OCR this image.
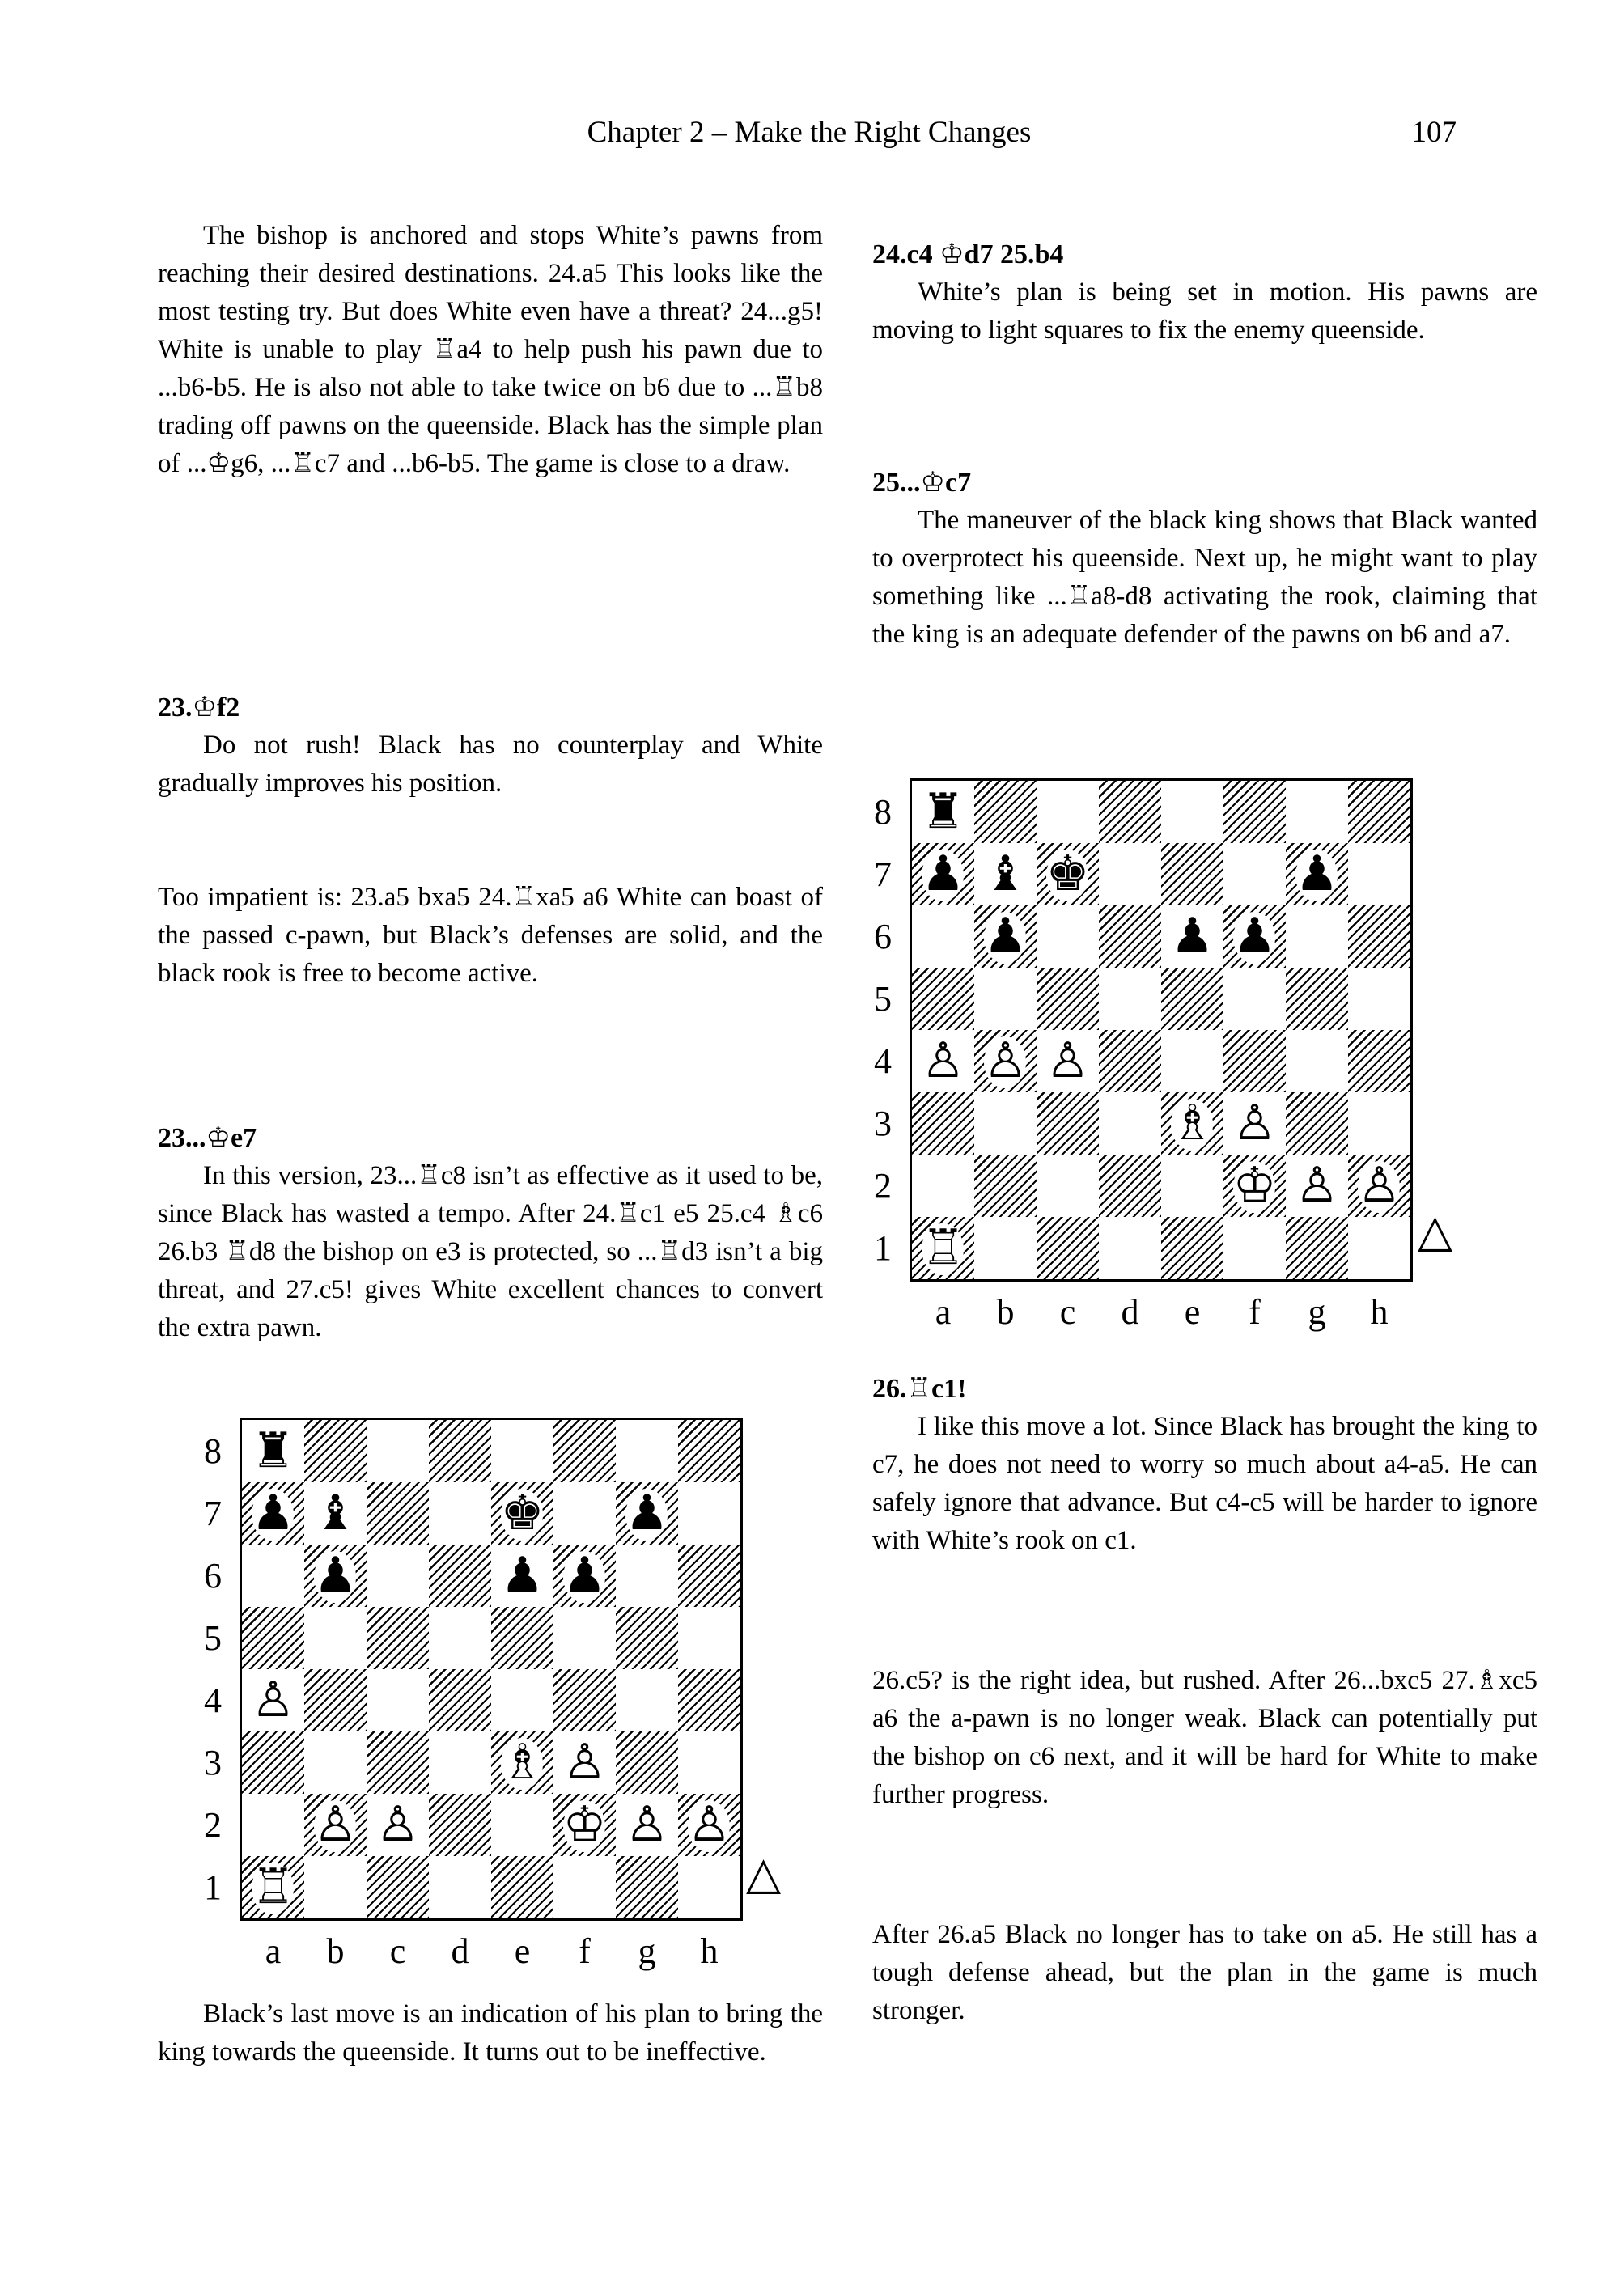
Chapter 2 – Make the Right Changes	107

The bishop is anchored and stops White’s pawns from reaching their desired destinations. 24.a5 This looks like the most testing try. But does White even have a threat? 24...g5! White is unable to play ♖a4 to help push his pawn due to ...b6-b5. He is also not able to take twice on b6 due to ...♖b8 trading off pawns on the queenside. Black has the simple plan of ...♔g6, ...♖c7 and ...b6-b5. The game is close to a draw.

23.♔f2

Do not rush! Black has no counterplay and White gradually improves his position.

Too impatient is: 23.a5 bxa5 24.♖xa5 a6 White can boast of the passed c-pawn, but Black’s defenses are solid, and the black rook is free to become active.

23...♔e7

In this version, 23...♖c8 isn’t as effective as it used to be, since Black has wasted a tempo. After 24.♖c1 e5 25.c4 ♗c6 26.b3 ♖d8 the bishop on e3 is protected, so ...♖d3 isn’t a big threat, and 27.c5! gives White excellent chances to convert the extra pawn.

8
7
6
5
4
3
2
1
♜
♟ ♝	♚ ♟
♟	♟ ♟
♙
♗ ♙
♙ ♙	♔ ♙ ♙
♖
a	b	c	d	e	f	g	h
△

Black’s last move is an indication of his plan to bring the king towards the queenside. It turns out to be ineffective.

24.c4 ♔d7 25.b4

White’s plan is being set in motion. His pawns are moving to light squares to fix the enemy queenside.

25...♔c7

The maneuver of the black king shows that Black wanted to overprotect his queenside. Next up, he might want to play something like ...♖a8-d8 activating the rook, claiming that the king is an adequate defender of the pawns on b6 and a7.

8
7
6
5
4
3
2
1
♜
♟ ♝ ♚	♟
♟	♟ ♟
♙ ♙ ♙
♗ ♙
♔ ♙ ♙
♖
a	b	c	d	e	f	g	h
△
26.♖c1!

I like this move a lot. Since Black has brought the king to c7, he does not need to worry so much about a4-a5. He can safely ignore that advance. But c4-c5 will be harder to ignore with White’s rook on c1.

26.c5? is the right idea, but rushed. After 26...bxc5 27.♗xc5 a6 the a-pawn is no longer weak. Black can potentially put the bishop on c6 next, and it will be hard for White to make further progress.

After 26.a5 Black no longer has to take on a5. He still has a tough defense ahead, but the plan in the game is much stronger.
